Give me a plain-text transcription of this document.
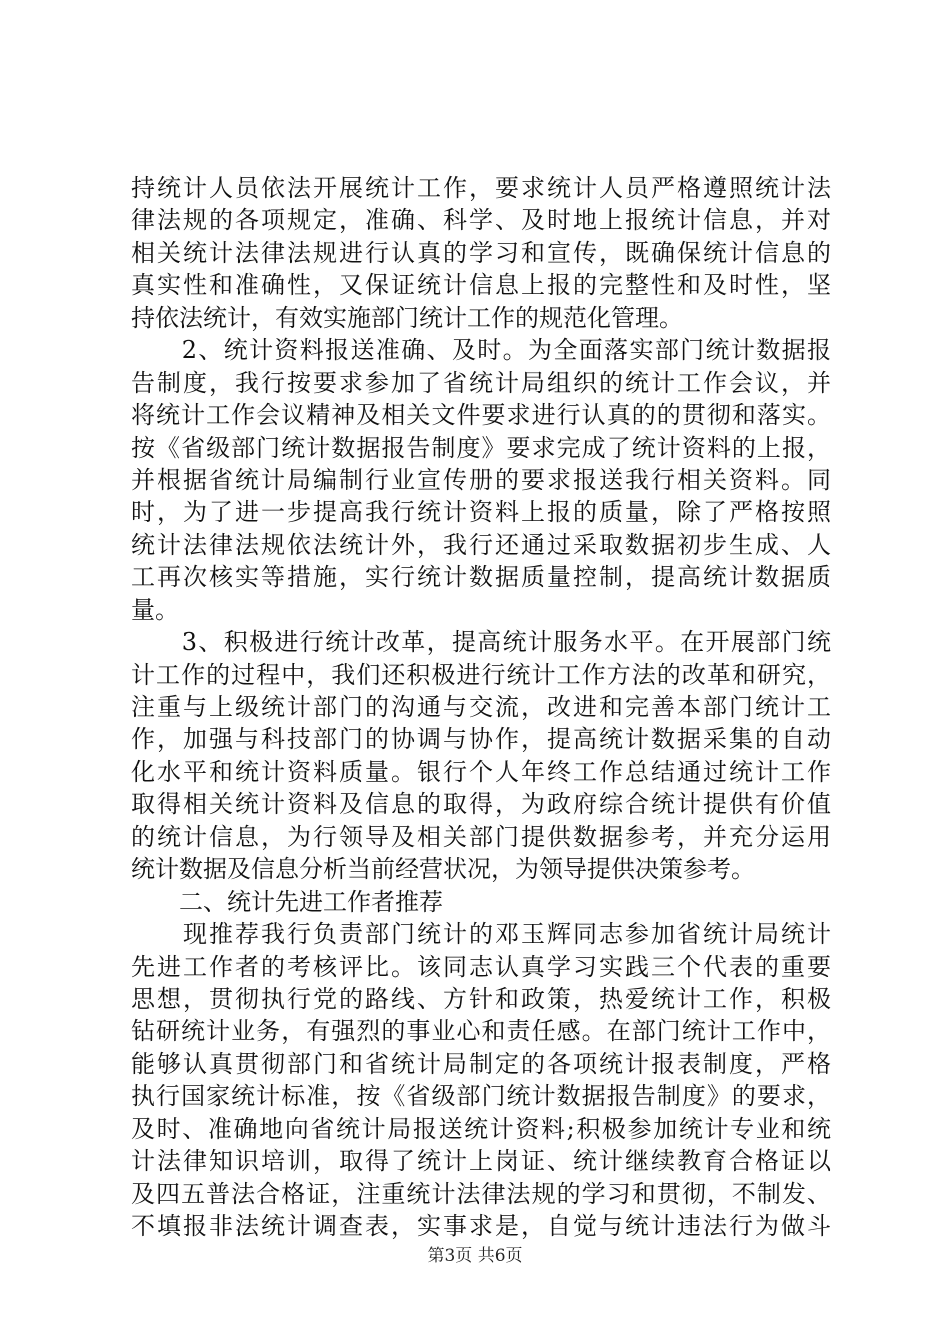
持统计人员依法开展统计工作，要求统计人员严格遵照统计法
律法规的各项规定，准确、科学、及时地上报统计信息，并对
相关统计法律法规进行认真的学习和宣传，既确保统计信息的
真实性和准确性，又保证统计信息上报的完整性和及时性，坚
持依法统计，有效实施部门统计工作的规范化管理。
　　2、统计资料报送准确、及时。为全面落实部门统计数据报
告制度，我行按要求参加了省统计局组织的统计工作会议，并
将统计工作会议精神及相关文件要求进行认真的的贯彻和落实。
按《省级部门统计数据报告制度》要求完成了统计资料的上报，
并根据省统计局编制行业宣传册的要求报送我行相关资料。同
时，为了进一步提高我行统计资料上报的质量，除了严格按照
统计法律法规依法统计外，我行还通过采取数据初步生成、人
工再次核实等措施，实行统计数据质量控制，提高统计数据质
量。
　　3、积极进行统计改革，提高统计服务水平。在开展部门统
计工作的过程中，我们还积极进行统计工作方法的改革和研究，
注重与上级统计部门的沟通与交流，改进和完善本部门统计工
作，加强与科技部门的协调与协作，提高统计数据采集的自动
化水平和统计资料质量。银行个人年终工作总结通过统计工作
取得相关统计资料及信息的取得，为政府综合统计提供有价值
的统计信息，为行领导及相关部门提供数据参考，并充分运用
统计数据及信息分析当前经营状况，为领导提供决策参考。
　　二、统计先进工作者推荐
　　现推荐我行负责部门统计的邓玉辉同志参加省统计局统计
先进工作者的考核评比。该同志认真学习实践三个代表的重要
思想，贯彻执行党的路线、方针和政策，热爱统计工作，积极
钻研统计业务，有强烈的事业心和责任感。在部门统计工作中，
能够认真贯彻部门和省统计局制定的各项统计报表制度，严格
执行国家统计标准，按《省级部门统计数据报告制度》的要求，
及时、准确地向省统计局报送统计资料;积极参加统计专业和统
计法律知识培训，取得了统计上岗证、统计继续教育合格证以
及四五普法合格证，注重统计法律法规的学习和贯彻，不制发、
不填报非法统计调查表，实事求是，自觉与统计违法行为做斗
第3页 共6页
